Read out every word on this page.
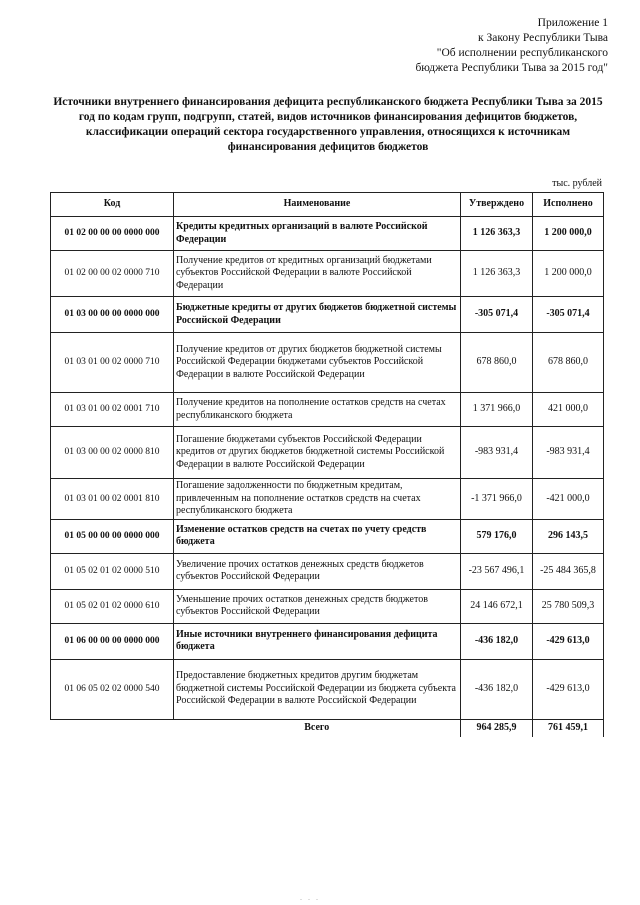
Приложение 1
к Закону Республики Тыва
"Об исполнении республиканского
бюджета Республики Тыва за 2015 год"
Источники внутреннего финансирования дефицита республиканского бюджета Республики Тыва за 2015 год по кодам групп, подгрупп, статей, видов источников финансирования дефицитов бюджетов, классификации операций сектора государственного управления, относящихся к источникам финансирования дефицитов бюджетов
тыс. рублей
Код	Наименование	Утверждено	Исполнено
01 02 00 00 00 0000 000	Кредиты кредитных организаций в валюте Российской Федерации	1 126 363,3	1 200 000,0
01 02 00 00 02 0000 710	Получение кредитов от кредитных организаций бюджетами субъектов Российской Федерации в валюте Российской Федерации	1 126 363,3	1 200 000,0
01 03 00 00 00 0000 000	Бюджетные кредиты от других бюджетов бюджетной системы Российской Федерации	-305 071,4	-305 071,4
01 03 01 00 02 0000 710	Получение кредитов от других бюджетов бюджетной системы Российской Федерации бюджетами субъектов Российской Федерации в валюте Российской Федерации	678 860,0	678 860,0
01 03 01 00 02 0001 710	Получение кредитов на пополнение остатков средств на счетах республиканского бюджета	1 371 966,0	421 000,0
01 03 00 00 02 0000 810	Погашение бюджетами субъектов Российской Федерации кредитов от других бюджетов бюджетной системы Российской Федерации в валюте Российской Федерации	-983 931,4	-983 931,4
01 03 01 00 02 0001 810	Погашение задолженности по бюджетным кредитам, привлеченным на пополнение остатков средств на счетах республиканского бюджета	-1 371 966,0	-421 000,0
01 05 00 00 00 0000 000	Изменение остатков средств на счетах по учету средств бюджета	579 176,0	296 143,5
01 05 02 01 02 0000 510	Увеличение прочих остатков денежных средств бюджетов субъектов Российской Федерации	-23 567 496,1	-25 484 365,8
01 05 02 01 02 0000 610	Уменьшение прочих остатков денежных средств бюджетов субъектов Российской Федерации	24 146 672,1	25 780 509,3
01 06 00 00 00 0000 000	Иные источники внутреннего финансирования дефицита бюджета	-436 182,0	-429 613,0
01 06 05 02 02 0000 540	Предоставление бюджетных кредитов другим бюджетам бюджетной системы Российской Федерации из бюджета субъекта Российской Федерации в валюте Российской Федерации	-436 182,0	-429 613,0
	Всего	964 285,9	761 459,1
. . .
